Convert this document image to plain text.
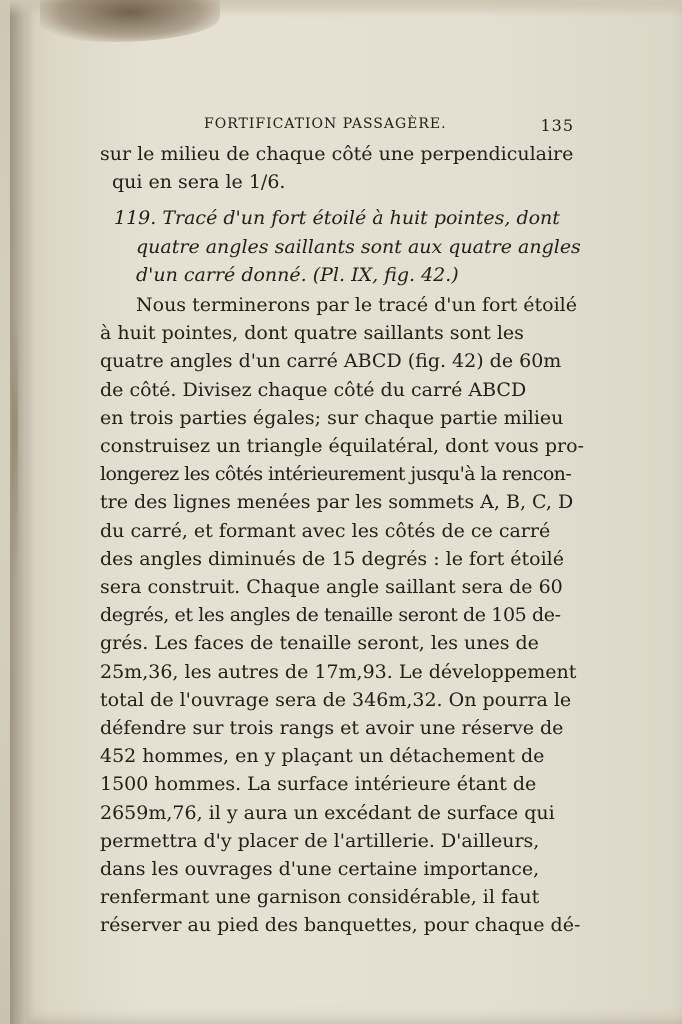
FORTIFICATION PASSAGÈRE.	135
sur le milieu de chaque côté une perpendiculaire
qui en sera le 1/6.
119. Tracé d'un fort étoilé à huit pointes, dont
quatre angles saillants sont aux quatre angles
d'un carré donné. (Pl. IX, fig. 42.)
Nous terminerons par le tracé d'un fort étoilé
à huit pointes, dont quatre saillants sont les
quatre angles d'un carré ABCD (fig. 42) de 60m
de côté. Divisez chaque côté du carré ABCD
en trois parties égales; sur chaque partie milieu
construisez un triangle équilatéral, dont vous pro-
longerez les côtés intérieurement jusqu'à la rencon-
tre des lignes menées par les sommets A, B, C, D
du carré, et formant avec les côtés de ce carré
des angles diminués de 15 degrés : le fort étoilé
sera construit. Chaque angle saillant sera de 60
degrés, et les angles de tenaille seront de 105 de-
grés. Les faces de tenaille seront, les unes de
25m,36, les autres de 17m,93. Le développement
total de l'ouvrage sera de 346m,32. On pourra le
défendre sur trois rangs et avoir une réserve de
452 hommes, en y plaçant un détachement de
1500 hommes. La surface intérieure étant de
2659m,76, il y aura un excédant de surface qui
permettra d'y placer de l'artillerie. D'ailleurs,
dans les ouvrages d'une certaine importance,
renfermant une garnison considérable, il faut
réserver au pied des banquettes, pour chaque dé-
